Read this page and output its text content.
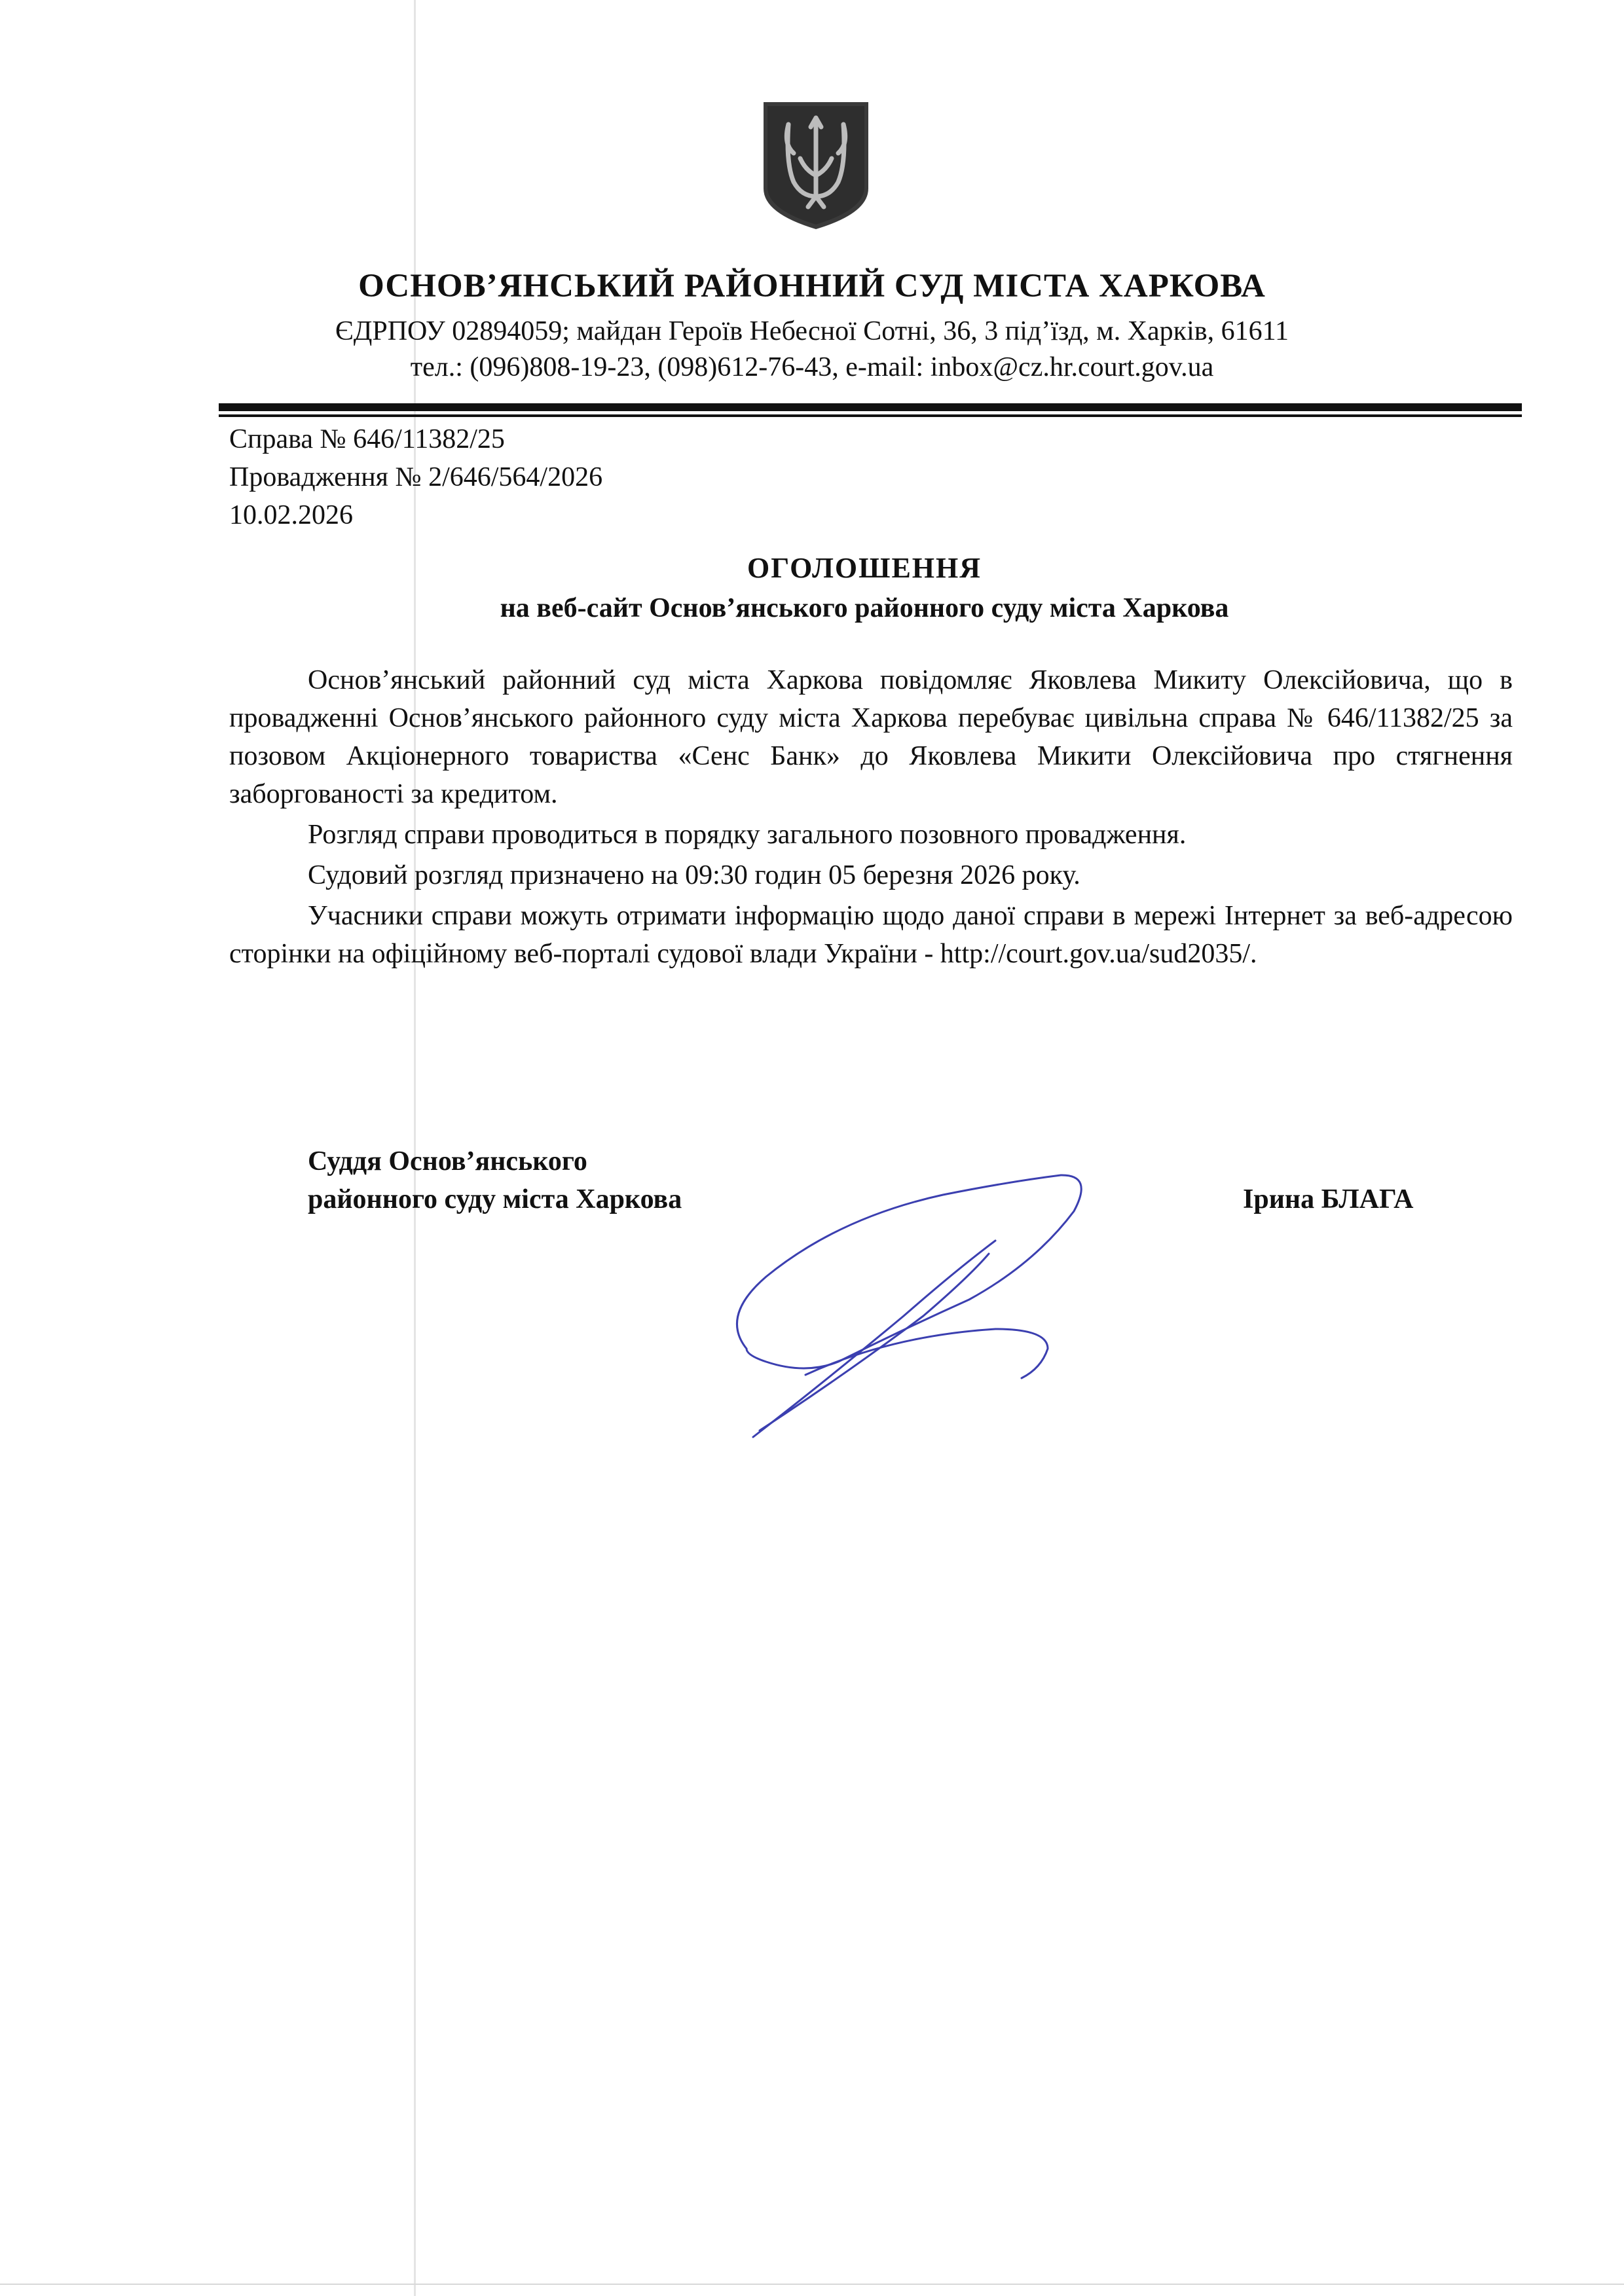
ОСНОВ’ЯНСЬКИЙ РАЙОННИЙ СУД МІСТА ХАРКОВА
ЄДРПОУ 02894059; майдан Героїв Небесної Сотні, 36, 3 під’їзд, м. Харків, 61611
тел.: (096)808-19-23, (098)612-76-43, e-mail: inbox@cz.hr.court.gov.ua
Справа № 646/11382/25
Провадження № 2/646/564/2026
10.02.2026
ОГОЛОШЕННЯ
на веб-сайт Основ’янського районного суду міста Харкова

Основ’янський районний суд міста Харкова повідомляє Яковлева Микиту Олексійовича, що в провадженні Основ’янського районного суду міста Харкова перебуває цивільна справа № 646/11382/25 за позовом Акціонерного товариства «Сенс Банк» до Яковлева Микити Олексійовича про стягнення заборгованості за кредитом.

Розгляд справи проводиться в порядку загального позовного провадження.

Судовий розгляд призначено на 09:30 годин 05 березня 2026 року.

Учасники справи можуть отримати інформацію щодо даної справи в мережі Інтернет за веб-адресою сторінки на офіційному веб-порталі судової влади України - http://court.gov.ua/sud2035/.

Суддя Основ’янського
районного суду міста Харкова	Ірина БЛАГА
